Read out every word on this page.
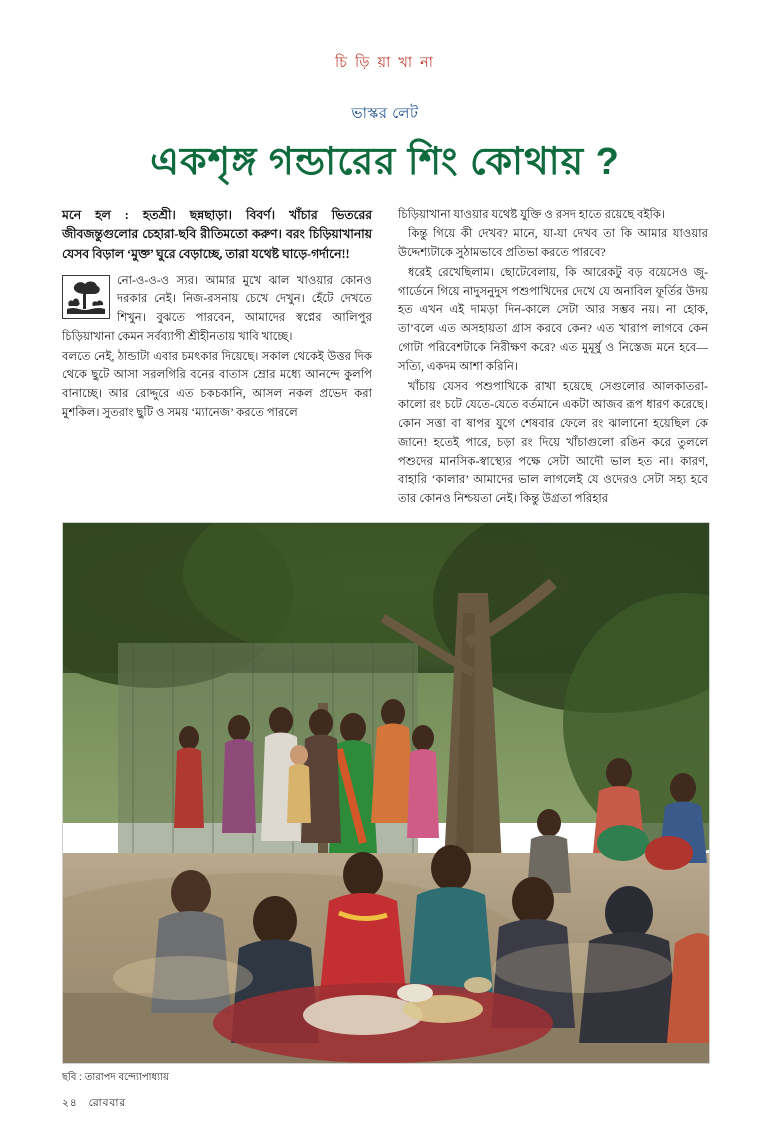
চি ড়ি য়া খা না
ভাস্কর লেট
একশৃঙ্গ গন্ডারের শিং কোথায় ?
মনে হল : হতশ্রী। ছন্নছাড়া। বিবর্ণ। খাঁচার ভিতরের জীবজন্তুগুলোর চেহারা-ছবি রীতিমতো করুণ। বরং চিড়িয়াখানায় যেসব বিড়াল ‘মুক্ত’ ঘুরে বেড়াচ্ছে, তারা যথেষ্ট ঘাড়ে-গর্দানে!!

নো-ও-ও-ও স্যর। আমার মুখে ঝাল খাওয়ার কোনও দরকার নেই। নিজ-রসনায় চেখে দেখুন। হেঁটে দেখতে শিখুন। বুঝতে পারবেন, আমাদের স্বপ্নের আলিপুর চিড়িয়াখানা কেমন সর্বব্যাপী শ্রীহীনতায় খাবি খাচ্ছে।

বলতে নেই, ঠান্ডাটা এবার চমৎকার দিয়েছে। সকাল থেকেই উত্তর দিক থেকে ছুটে আসা সরলগিরি বনের বাতাস ম্রোর মধ্যে আনন্দে কুলপি বানাচ্ছে। আর রোদ্দুরে এত চকচকানি, আসল নকল প্রভেদ করা মুশকিল। সুতরাং ছুটি ও সময় ‘ম্যানেজ’ করতে পারলে

চিড়িয়াখানা যাওয়ার যথেষ্ট যুক্তি ও রসদ হাতে রয়েছে বইকি।

কিন্তু গিয়ে কী দেখব? মানে, যা-যা দেখব তা কি আমার যাওয়ার উদ্দেশ্যটাকে সুঠামভাবে প্রতিভা করতে পারবে?

ধরেই রেখেছিলাম। ছোটেবেলায়, কি আরেকটু বড় বয়েসেও জু-গার্ডেনে গিয়ে নাদুসনুদুস পশুপাখিদের দেখে যে অনাবিল ফূর্তির উদয় হত এখন এই দামড়া দিন-কালে সেটা আর সম্ভব নয়। না হোক, তা’বলে এত অসহায়তা গ্রাস করবে কেন? এত খারাপ লাগবে কেন গোটা পরিবেশটাকে নিরীক্ষণ করে? এত মুমূর্ষু ও নিস্তেজ মনে হবে—সত্যি, একদম আশা করিনি।

খাঁচায় যেসব পশুপাখিকে রাখা হয়েছে সেগুলোর আলকাতরা-কালো রং চটে যেতে-যেতে বর্তমানে একটা আজব রূপ ধারণ করেছে। কোন সত্তা বা ষাপর যুগে শেষবার ফেলে রং ঝালানো হয়েছিল কে জানে! হতেই পারে, চড়া রং দিয়ে খাঁচাগুলো রঙিন করে তুললে পশুদের মানসিক-স্বাস্থ্যের পক্ষে সেটা আদৌ ভাল হত না। কারণ, বাহারি ‘কালার’ আমাদের ভাল লাগলেই যে ওদেরও সেটা সহ্য হবে তার কোনও নিশ্চয়তা নেই। কিন্তু উগ্রতা পরিহার

ছবি : তারাপদ বন্দ্যোপাধ্যায়
২৪ রোববার
